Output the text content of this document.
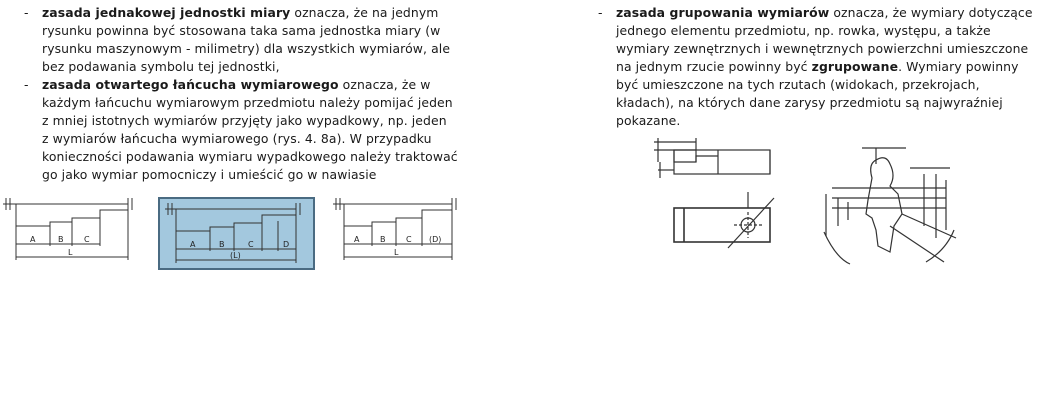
- zasada jednakowej jednostki miary oznacza, że na jednym
rysunku powinna być stosowana taka sama jednostka miary (w
rysunku maszynowym - milimetry) dla wszystkich wymiarów, ale
bez podawania symbolu tej jednostki,
- zasada otwartego łańcucha wymiarowego oznacza, że w
każdym łańcuchu wymiarowym przedmiotu należy pomijać jeden
z mniej istotnych wymiarów przyjęty jako wypadkowy, np. jeden
z wymiarów łańcucha wymiarowego (rys. 4. 8a). W przypadku
konieczności podawania wymiaru wypadkowego należy traktować
go jako wymiar pomocniczy i umieścić go w nawiasie
A	B	C
L
A	B	C	D
(L)
A	B	C (D)
L
- zasada grupowania wymiarów oznacza, że wymiary dotyczące
jednego elementu przedmiotu, np. rowka, występu, a także
wymiary zewnętrznych i wewnętrznych powierzchni umieszczone
na jednym rzucie powinny być zgrupowane. Wymiary powinny
być umieszczone na tych rzutach (widokach, przekrojach,
kładach), na których dane zarysy przedmiotu są najwyraźniej
pokazane.
